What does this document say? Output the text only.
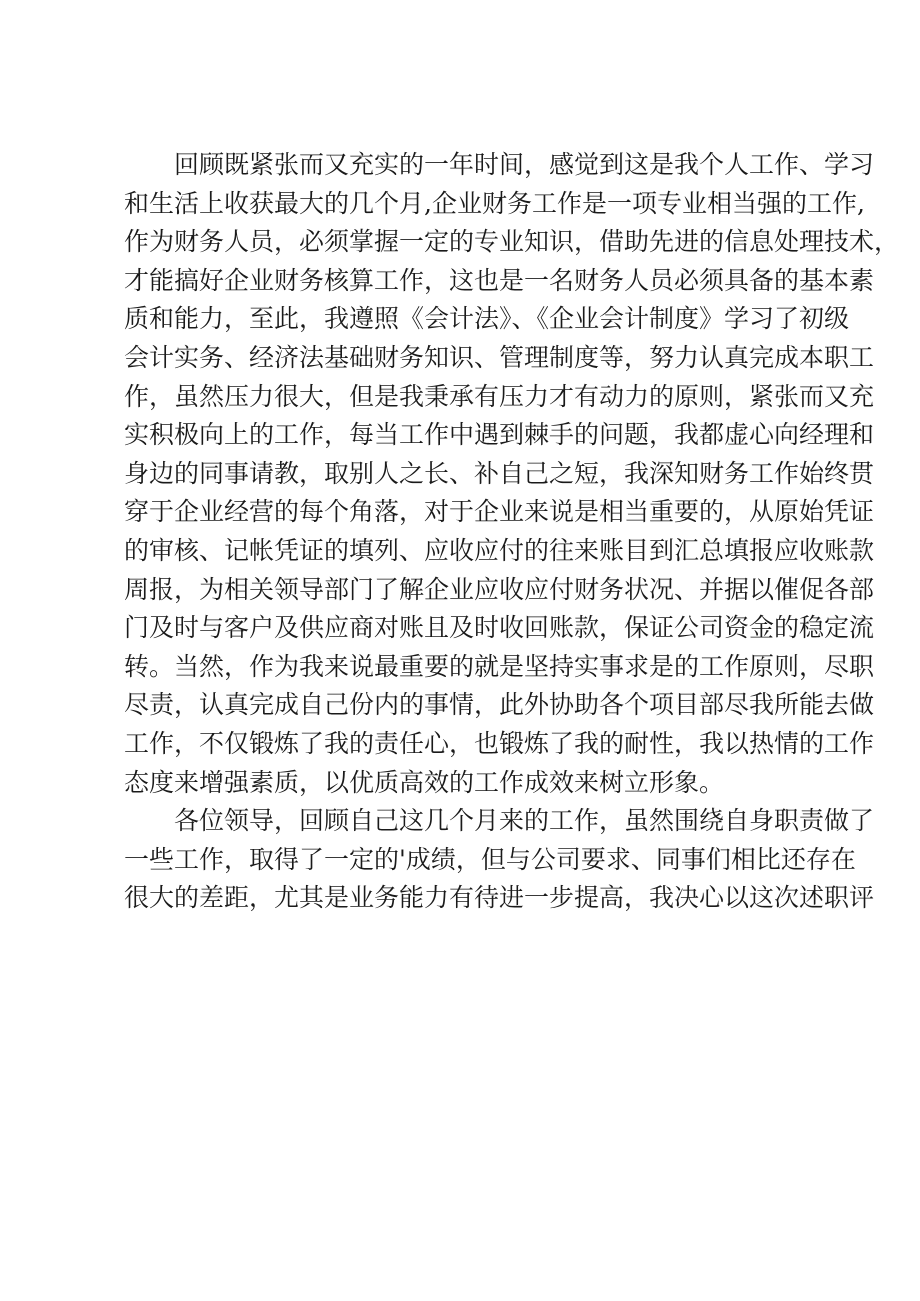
回顾既紧张而又充实的一年时间，感觉到这是我个人工作、学习
和生活上收获最大的几个月,企业财务工作是一项专业相当强的工作,
作为财务人员，必须掌握一定的专业知识，借助先进的信息处理技术，
才能搞好企业财务核算工作，这也是一名财务人员必须具备的基本素
质和能力，至此，我遵照《会计法》、《企业会计制度》学习了初级
会计实务、经济法基础财务知识、管理制度等，努力认真完成本职工
作，虽然压力很大，但是我秉承有压力才有动力的原则，紧张而又充
实积极向上的工作，每当工作中遇到棘手的问题，我都虚心向经理和
身边的同事请教，取别人之长、补自己之短，我深知财务工作始终贯
穿于企业经营的每个角落，对于企业来说是相当重要的，从原始凭证
的审核、记帐凭证的填列、应收应付的往来账目到汇总填报应收账款
周报，为相关领导部门了解企业应收应付财务状况、并据以催促各部
门及时与客户及供应商对账且及时收回账款，保证公司资金的稳定流
转。当然，作为我来说最重要的就是坚持实事求是的工作原则，尽职
尽责，认真完成自己份内的事情，此外协助各个项目部尽我所能去做
工作，不仅锻炼了我的责任心，也锻炼了我的耐性，我以热情的工作
态度来增强素质，以优质高效的工作成效来树立形象。
各位领导，回顾自己这几个月来的工作，虽然围绕自身职责做了
一些工作，取得了一定的'成绩，但与公司要求、同事们相比还存在
很大的差距，尤其是业务能力有待进一步提高，我决心以这次述职评
